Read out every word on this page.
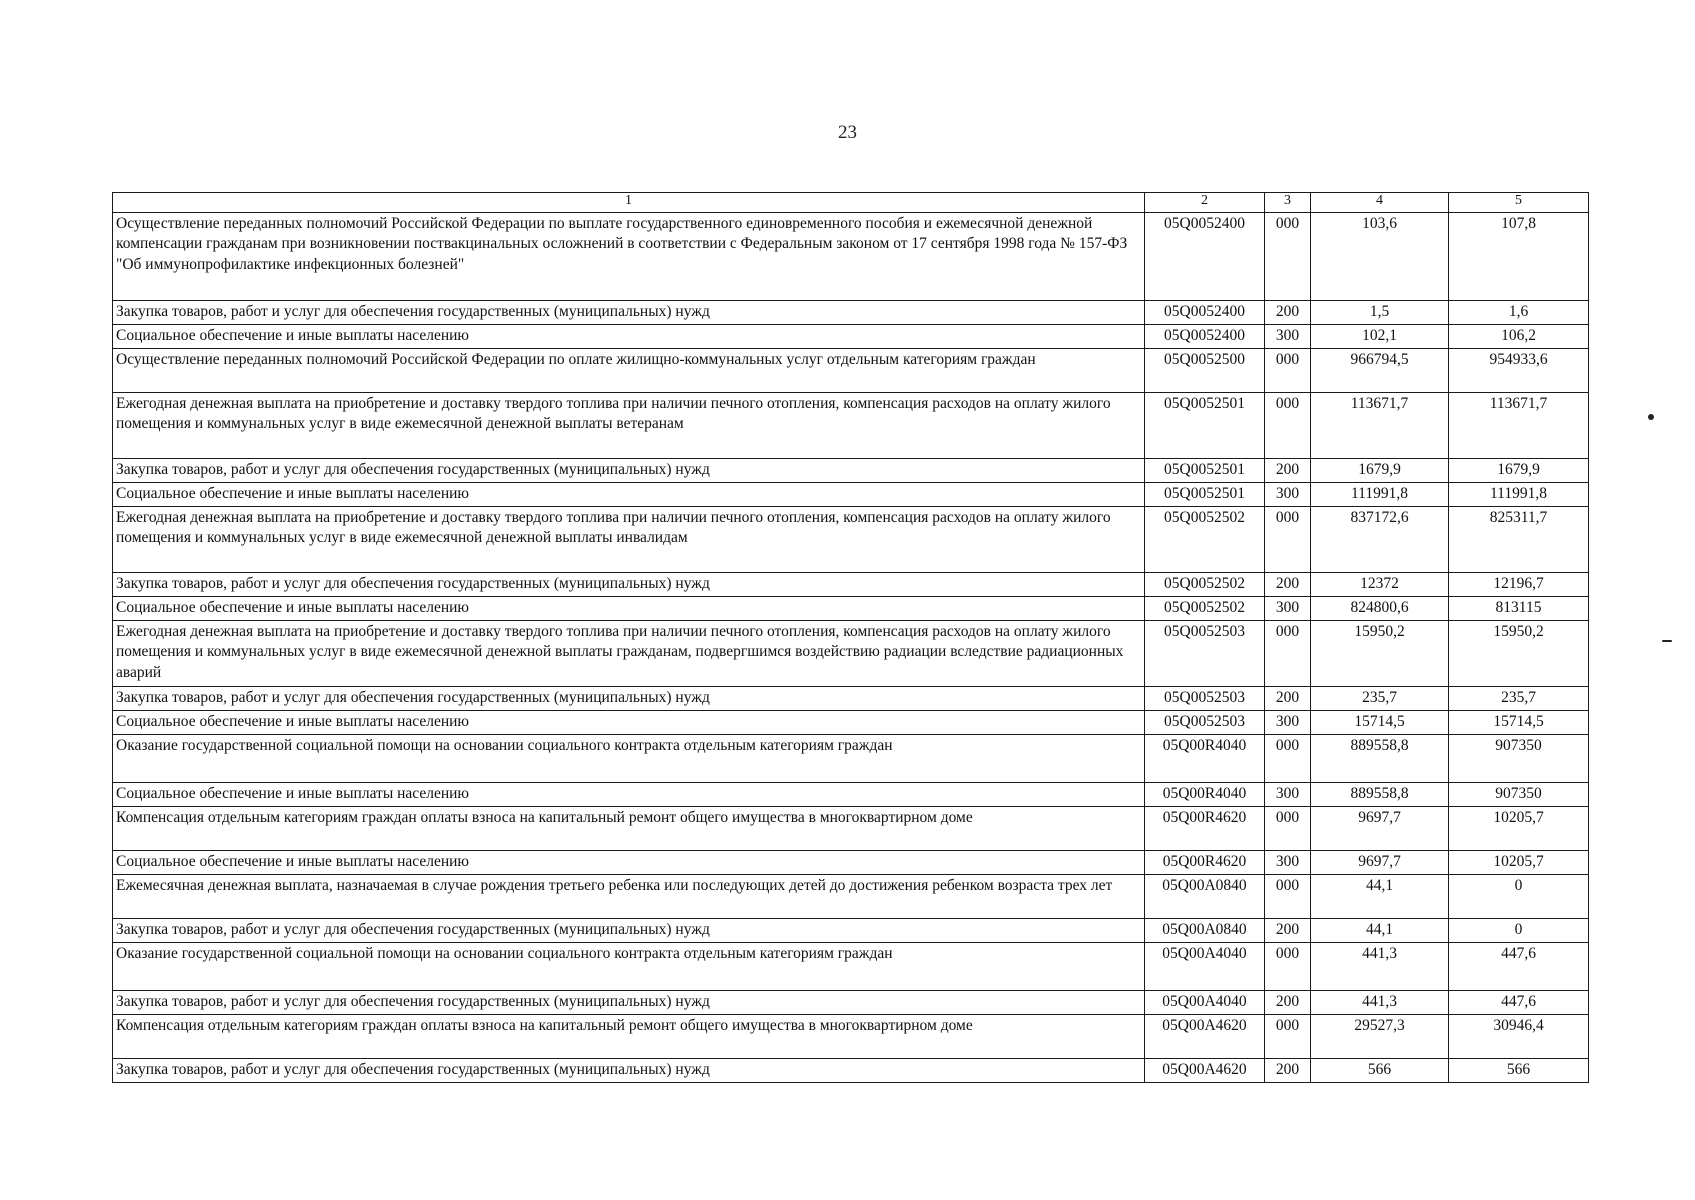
23
1	2	3	4	5
Осуществление переданных полномочий Российской Федерации по выплате государственного единовременного пособия и ежемесячной денежной компенсации гражданам при возникновении поствакцинальных осложнений в соответствии с Федеральным законом от 17 сентября 1998 года № 157-ФЗ "Об иммунопрофилактике инфекционных болезней"	05Q0052400	000	103,6	107,8
Закупка товаров, работ и услуг для обеспечения государственных (муниципальных) нужд	05Q0052400	200	1,5	1,6
Социальное обеспечение и иные выплаты населению	05Q0052400	300	102,1	106,2
Осуществление переданных полномочий Российской Федерации по оплате жилищно-коммунальных услуг отдельным категориям граждан	05Q0052500	000	966794,5	954933,6
Ежегодная денежная выплата на приобретение и доставку твердого топлива при наличии печного отопления, компенсация расходов на оплату жилого помещения и коммунальных услуг в виде ежемесячной денежной выплаты ветеранам	05Q0052501	000	113671,7	113671,7
Закупка товаров, работ и услуг для обеспечения государственных (муниципальных) нужд	05Q0052501	200	1679,9	1679,9
Социальное обеспечение и иные выплаты населению	05Q0052501	300	111991,8	111991,8
Ежегодная денежная выплата на приобретение и доставку твердого топлива при наличии печного отопления, компенсация расходов на оплату жилого помещения и коммунальных услуг в виде ежемесячной денежной выплаты инвалидам	05Q0052502	000	837172,6	825311,7
Закупка товаров, работ и услуг для обеспечения государственных (муниципальных) нужд	05Q0052502	200	12372	12196,7
Социальное обеспечение и иные выплаты населению	05Q0052502	300	824800,6	813115
Ежегодная денежная выплата на приобретение и доставку твердого топлива при наличии печного отопления, компенсация расходов на оплату жилого помещения и коммунальных услуг в виде ежемесячной денежной выплаты гражданам, подвергшимся воздействию радиации вследствие радиационных аварий	05Q0052503	000	15950,2	15950,2
Закупка товаров, работ и услуг для обеспечения государственных (муниципальных) нужд	05Q0052503	200	235,7	235,7
Социальное обеспечение и иные выплаты населению	05Q0052503	300	15714,5	15714,5
Оказание государственной социальной помощи на основании социального контракта отдельным категориям граждан	05Q00R4040	000	889558,8	907350
Социальное обеспечение и иные выплаты населению	05Q00R4040	300	889558,8	907350
Компенсация отдельным категориям граждан оплаты взноса на капитальный ремонт общего имущества в многоквартирном доме	05Q00R4620	000	9697,7	10205,7
Социальное обеспечение и иные выплаты населению	05Q00R4620	300	9697,7	10205,7
Ежемесячная денежная выплата, назначаемая в случае рождения третьего ребенка или последующих детей до достижения ребенком возраста трех лет	05Q00A0840	000	44,1	0
Закупка товаров, работ и услуг для обеспечения государственных (муниципальных) нужд	05Q00A0840	200	44,1	0
Оказание государственной социальной помощи на основании социального контракта отдельным категориям граждан	05Q00A4040	000	441,3	447,6
Закупка товаров, работ и услуг для обеспечения государственных (муниципальных) нужд	05Q00A4040	200	441,3	447,6
Компенсация отдельным категориям граждан оплаты взноса на капитальный ремонт общего имущества в многоквартирном доме	05Q00A4620	000	29527,3	30946,4
Закупка товаров, работ и услуг для обеспечения государственных (муниципальных) нужд	05Q00A4620	200	566	566
